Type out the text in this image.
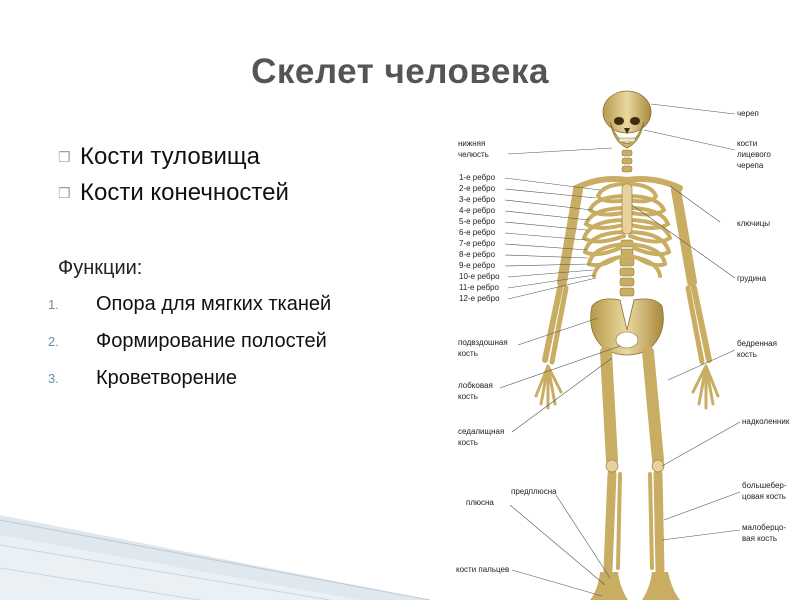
Скелет человека
❒ Кости туловища
❒ Кости конечностей
Функции:
1.	Опора для мягких тканей
2.	Формирование полостей
3.	Кроветворение
нижняя
челюсть
1-е ребро
2-е ребро
3-е ребро
4-е ребро
5-е ребро
6-е ребро
7-е ребро
8-е ребро
9-е ребро
10-е ребро
11-е ребро
12-е ребро
подвздошная
кость
лобковая
кость
седалищная
кость
предплюсна
плюсна
кости пальцев
череп
кости
лицевого
черепа
ключицы
грудина
бедренная
кость
надколенник
большебер-
цовая кость
малоберцо-
вая кость
